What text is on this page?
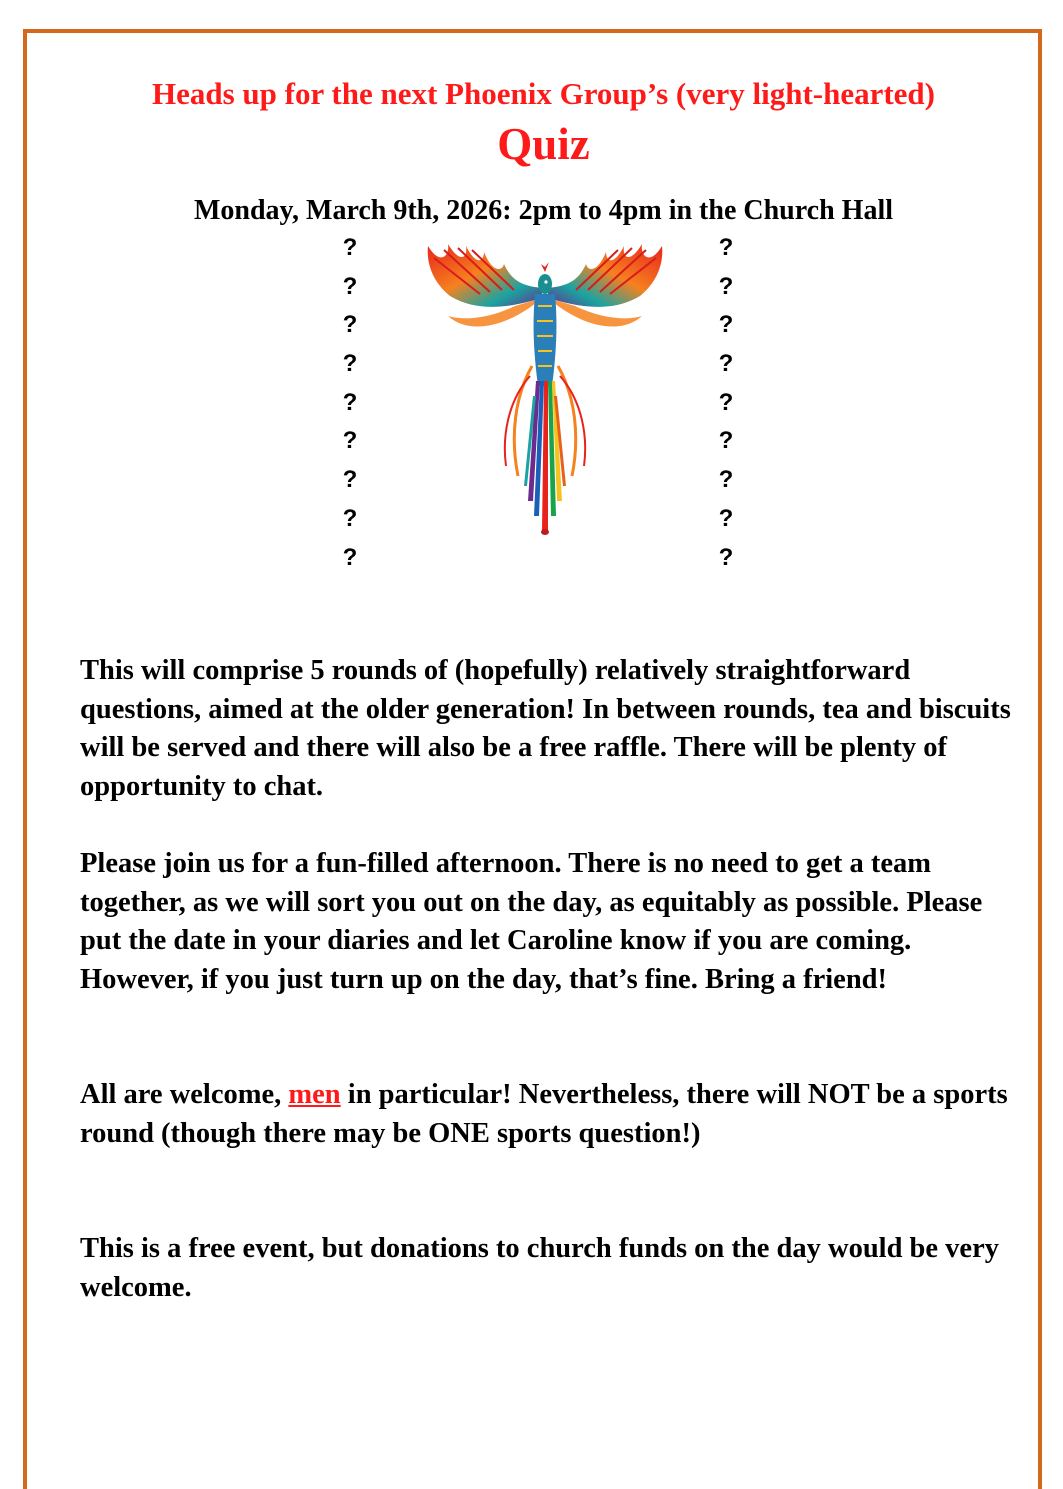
Heads up for the next Phoenix Group’s (very light-hearted)
Quiz
Monday, March 9th, 2026: 2pm to 4pm in the Church Hall
?
?
?
?
?
?
?
?
?
?
?
?
?
?
?
?
?
?

This will comprise 5 rounds of (hopefully) relatively straightforward questions, aimed at the older generation! In between rounds, tea and biscuits will be served and there will also be a free raffle. There will be plenty of opportunity to chat.

Please join us for a fun-filled afternoon. There is no need to get a team together, as we will sort you out on the day, as equitably as possible. Please put the date in your diaries and let Caroline know if you are coming. However, if you just turn up on the day, that’s fine. Bring a friend!

All are welcome, men in particular! Nevertheless, there will NOT be a sports round (though there may be ONE sports question!)

This is a free event, but donations to church funds on the day would be very welcome.
